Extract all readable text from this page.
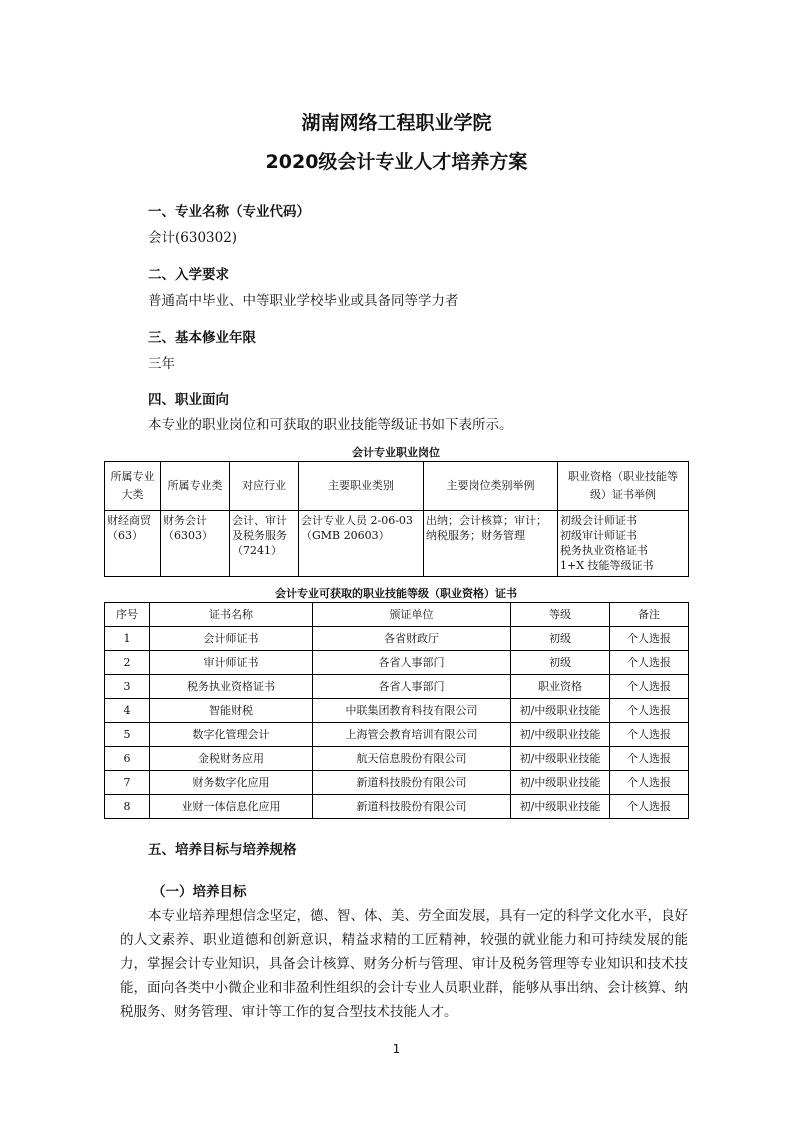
湖南网络工程职业学院
2020级会计专业人才培养方案
一、专业名称（专业代码）
会计(630302)
二、入学要求
普通高中毕业、中等职业学校毕业或具备同等学力者
三、基本修业年限
三年
四、职业面向
本专业的职业岗位和可获取的职业技能等级证书如下表所示。
会计专业职业岗位
所属专业大类	所属专业类	对应行业	主要职业类别	主要岗位类别举例	职业资格（职业技能等级）证书举例
财经商贸（63）	财务会计（6303）	会计、审计及税务服务（7241）	会计专业人员 2-06-03（GMB 20603）	出纳；会计核算；审计；纳税服务；财务管理	初级会计师证书
初级审计师证书
税务执业资格证书
1+X 技能等级证书
会计专业可获取的职业技能等级（职业资格）证书
序号	证书名称	颁证单位	等级	备注
1	会计师证书	各省财政厅	初级	个人选报
2	审计师证书	各省人事部门	初级	个人选报
3	税务执业资格证书	各省人事部门	职业资格	个人选报
4	智能财税	中联集团教育科技有限公司	初/中级职业技能	个人选报
5	数字化管理会计	上海管会教育培训有限公司	初/中级职业技能	个人选报
6	金税财务应用	航天信息股份有限公司	初/中级职业技能	个人选报
7	财务数字化应用	新道科技股份有限公司	初/中级职业技能	个人选报
8	业财一体信息化应用	新道科技股份有限公司	初/中级职业技能	个人选报
五、培养目标与培养规格
（一）培养目标
本专业培养理想信念坚定，德、智、体、美、劳全面发展，具有一定的科学文化水平，良好的人文素养、职业道德和创新意识，精益求精的工匠精神，较强的就业能力和可持续发展的能力，掌握会计专业知识，具备会计核算、财务分析与管理、审计及税务管理等专业知识和技术技能，面向各类中小微企业和非盈利性组织的会计专业人员职业群，能够从事出纳、会计核算、纳税服务、财务管理、审计等工作的复合型技术技能人才。
1
